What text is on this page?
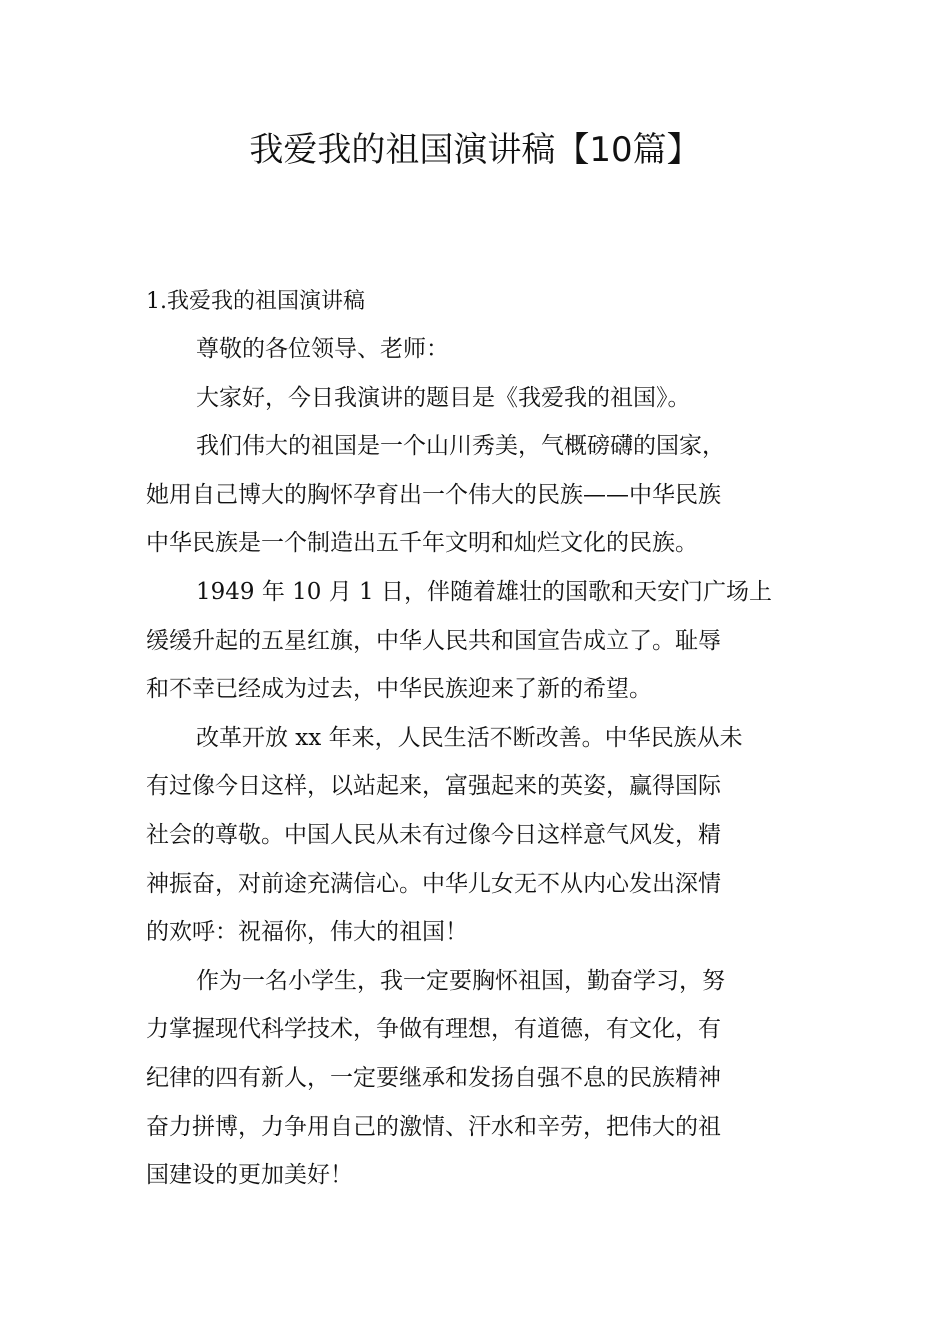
我爱我的祖国演讲稿【10篇】

1.我爱我的祖国演讲稿

尊敬的各位领导、老师：

大家好，今日我演讲的题目是《我爱我的祖国》。

我们伟大的祖国是一个山川秀美，气概磅礴的国家，
她用自己博大的胸怀孕育出一个伟大的民族——中华民族
中华民族是一个制造出五千年文明和灿烂文化的民族。

1949 年 10 月 1 日，伴随着雄壮的国歌和天安门广场上
缓缓升起的五星红旗，中华人民共和国宣告成立了。耻辱
和不幸已经成为过去，中华民族迎来了新的希望。

改革开放 xx 年来，人民生活不断改善。中华民族从未
有过像今日这样，以站起来，富强起来的英姿，赢得国际
社会的尊敬。中国人民从未有过像今日这样意气风发，精
神振奋，对前途充满信心。中华儿女无不从内心发出深情
的欢呼：祝福你，伟大的祖国！

作为一名小学生，我一定要胸怀祖国，勤奋学习，努
力掌握现代科学技术，争做有理想，有道德，有文化，有
纪律的四有新人，一定要继承和发扬自强不息的民族精神
奋力拼博，力争用自己的激情、汗水和辛劳，把伟大的祖
国建设的更加美好！
